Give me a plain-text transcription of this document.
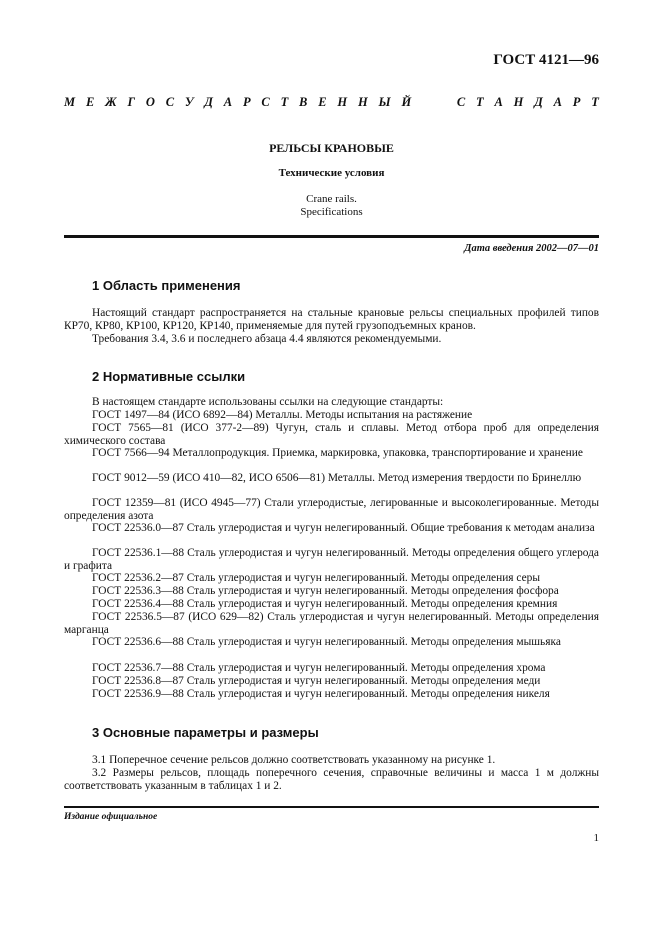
ГОСТ 4121—96
М Е Ж Г О С У Д А Р С Т В Е Н Н Ы Й	С Т А Н Д А Р Т
РЕЛЬСЫ КРАНОВЫЕ
Технические условия
Crane rails.
Specifications
Дата введения 2002—07—01
1 Область применения
Настоящий стандарт распространяется на стальные крановые рельсы специальных профилей типов КР70, КР80, КР100, КР120, КР140, применяемые для путей грузоподъемных кранов.
Требования 3.4, 3.6 и последнего абзаца 4.4 являются рекомендуемыми.
2 Нормативные ссылки
В настоящем стандарте использованы ссылки на следующие стандарты:
ГОСТ 1497—84 (ИСО 6892—84) Металлы. Методы испытания на растяжение
ГОСТ 7565—81 (ИСО 377-2—89) Чугун, сталь и сплавы. Метод отбора проб для определения химического состава
ГОСТ 7566—94 Металлопродукция. Приемка, маркировка, упаковка, транспортирование и хранение
ГОСТ 9012—59 (ИСО 410—82, ИСО 6506—81) Металлы. Метод измерения твердости по Бринеллю
ГОСТ 12359—81 (ИСО 4945—77) Стали углеродистые, легированные и высоколегированные. Методы определения азота
ГОСТ 22536.0—87 Сталь углеродистая и чугун нелегированный. Общие требования к методам анализа
ГОСТ 22536.1—88 Сталь углеродистая и чугун нелегированный. Методы определения общего углерода и графита
ГОСТ 22536.2—87 Сталь углеродистая и чугун нелегированный. Методы определения серы
ГОСТ 22536.3—88 Сталь углеродистая и чугун нелегированный. Методы определения фосфора
ГОСТ 22536.4—88 Сталь углеродистая и чугун нелегированный. Методы определения кремния
ГОСТ 22536.5—87 (ИСО 629—82) Сталь углеродистая и чугун нелегированный. Методы определения марганца
ГОСТ 22536.6—88 Сталь углеродистая и чугун нелегированный. Методы определения мышьяка
ГОСТ 22536.7—88 Сталь углеродистая и чугун нелегированный. Методы определения хрома
ГОСТ 22536.8—87 Сталь углеродистая и чугун нелегированный. Методы определения меди
ГОСТ 22536.9—88 Сталь углеродистая и чугун нелегированный. Методы определения никеля
3 Основные параметры и размеры
3.1 Поперечное сечение рельсов должно соответствовать указанному на рисунке 1.
3.2 Размеры рельсов, площадь поперечного сечения, справочные величины и масса 1 м должны соответствовать указанным в таблицах 1 и 2.
Издание официальное
1
